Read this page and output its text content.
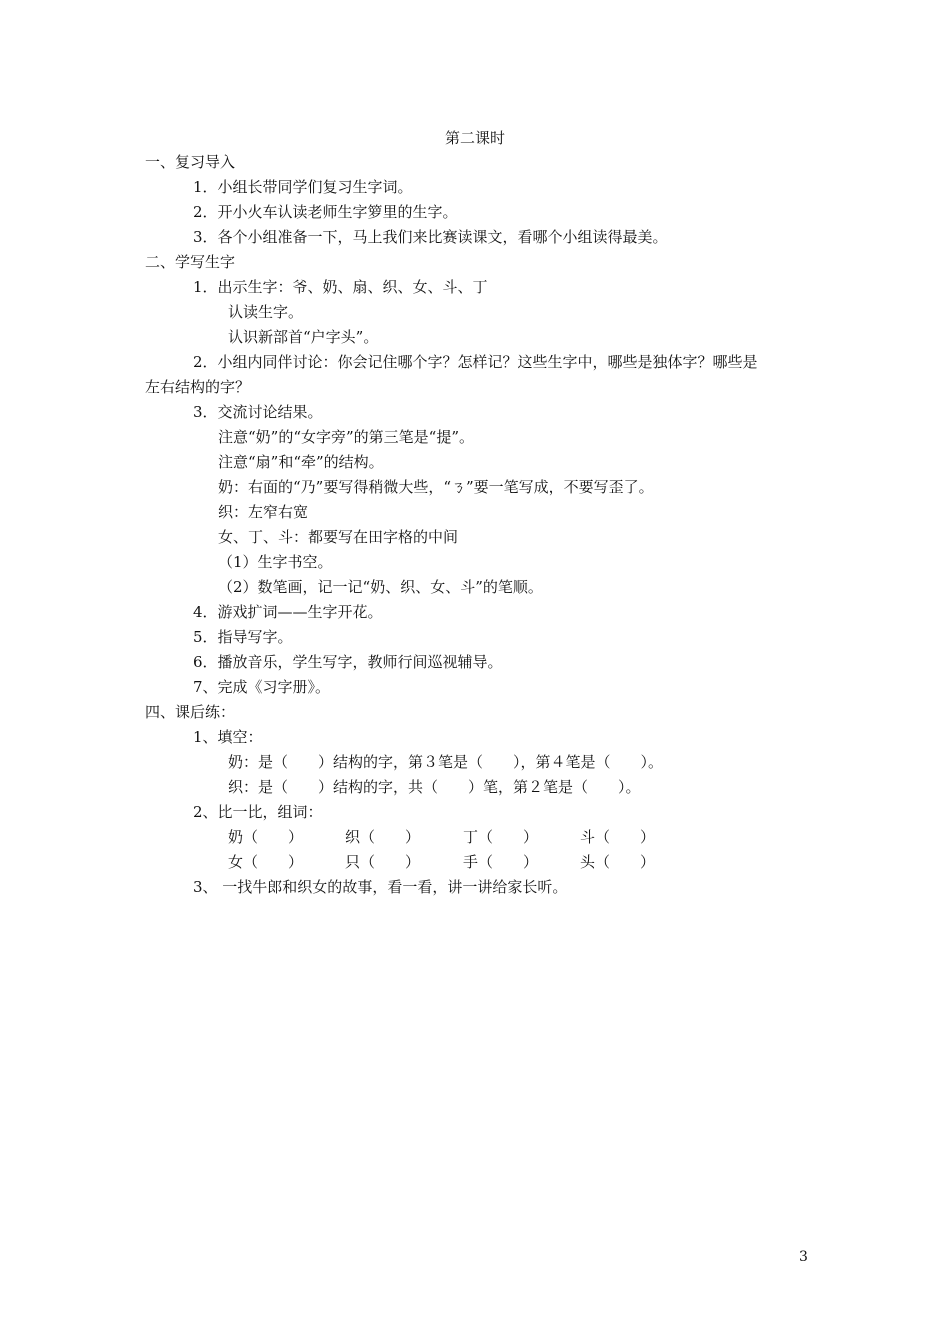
第二课时
一、复习导入
1．小组长带同学们复习生字词。
2．开小火车认读老师生字箩里的生字。
3．各个小组准备一下，马上我们来比赛读课文，看哪个小组读得最美。
二、学写生字
1．出示生字：爷、奶、扇、织、女、斗、丁
认读生字。
认识新部首“户字头”。
2．小组内同伴讨论：你会记住哪个字？怎样记？这些生字中，哪些是独体字？哪些是
左右结构的字？
3．交流讨论结果。
注意“奶”的“女字旁”的第三笔是“提”。
注意“扇”和“牵”的结构。
奶：右面的“乃”要写得稍微大些，“ㄋ”要一笔写成，不要写歪了。
织：左窄右宽
女、丁、斗：都要写在田字格的中间
（1）生字书空。
（2）数笔画，记一记“奶、织、女、斗”的笔顺。
4．游戏扩词——生字开花。
5．指导写字。
6．播放音乐，学生写字，教师行间巡视辅导。
7、完成《习字册》。
四、课后练：
1、填空：
奶：是（　　）结构的字，第３笔是（　　），第４笔是（　　）。
织：是（　　）结构的字，共（　　）笔，第２笔是（　　）。
2、比一比，组词：
奶（　　）	织（　　）	丁（　　）	斗（　　）
女（　　）	只（　　）	手（　　）	头（　　）
3、 一找牛郎和织女的故事，看一看，讲一讲给家长听。
3
